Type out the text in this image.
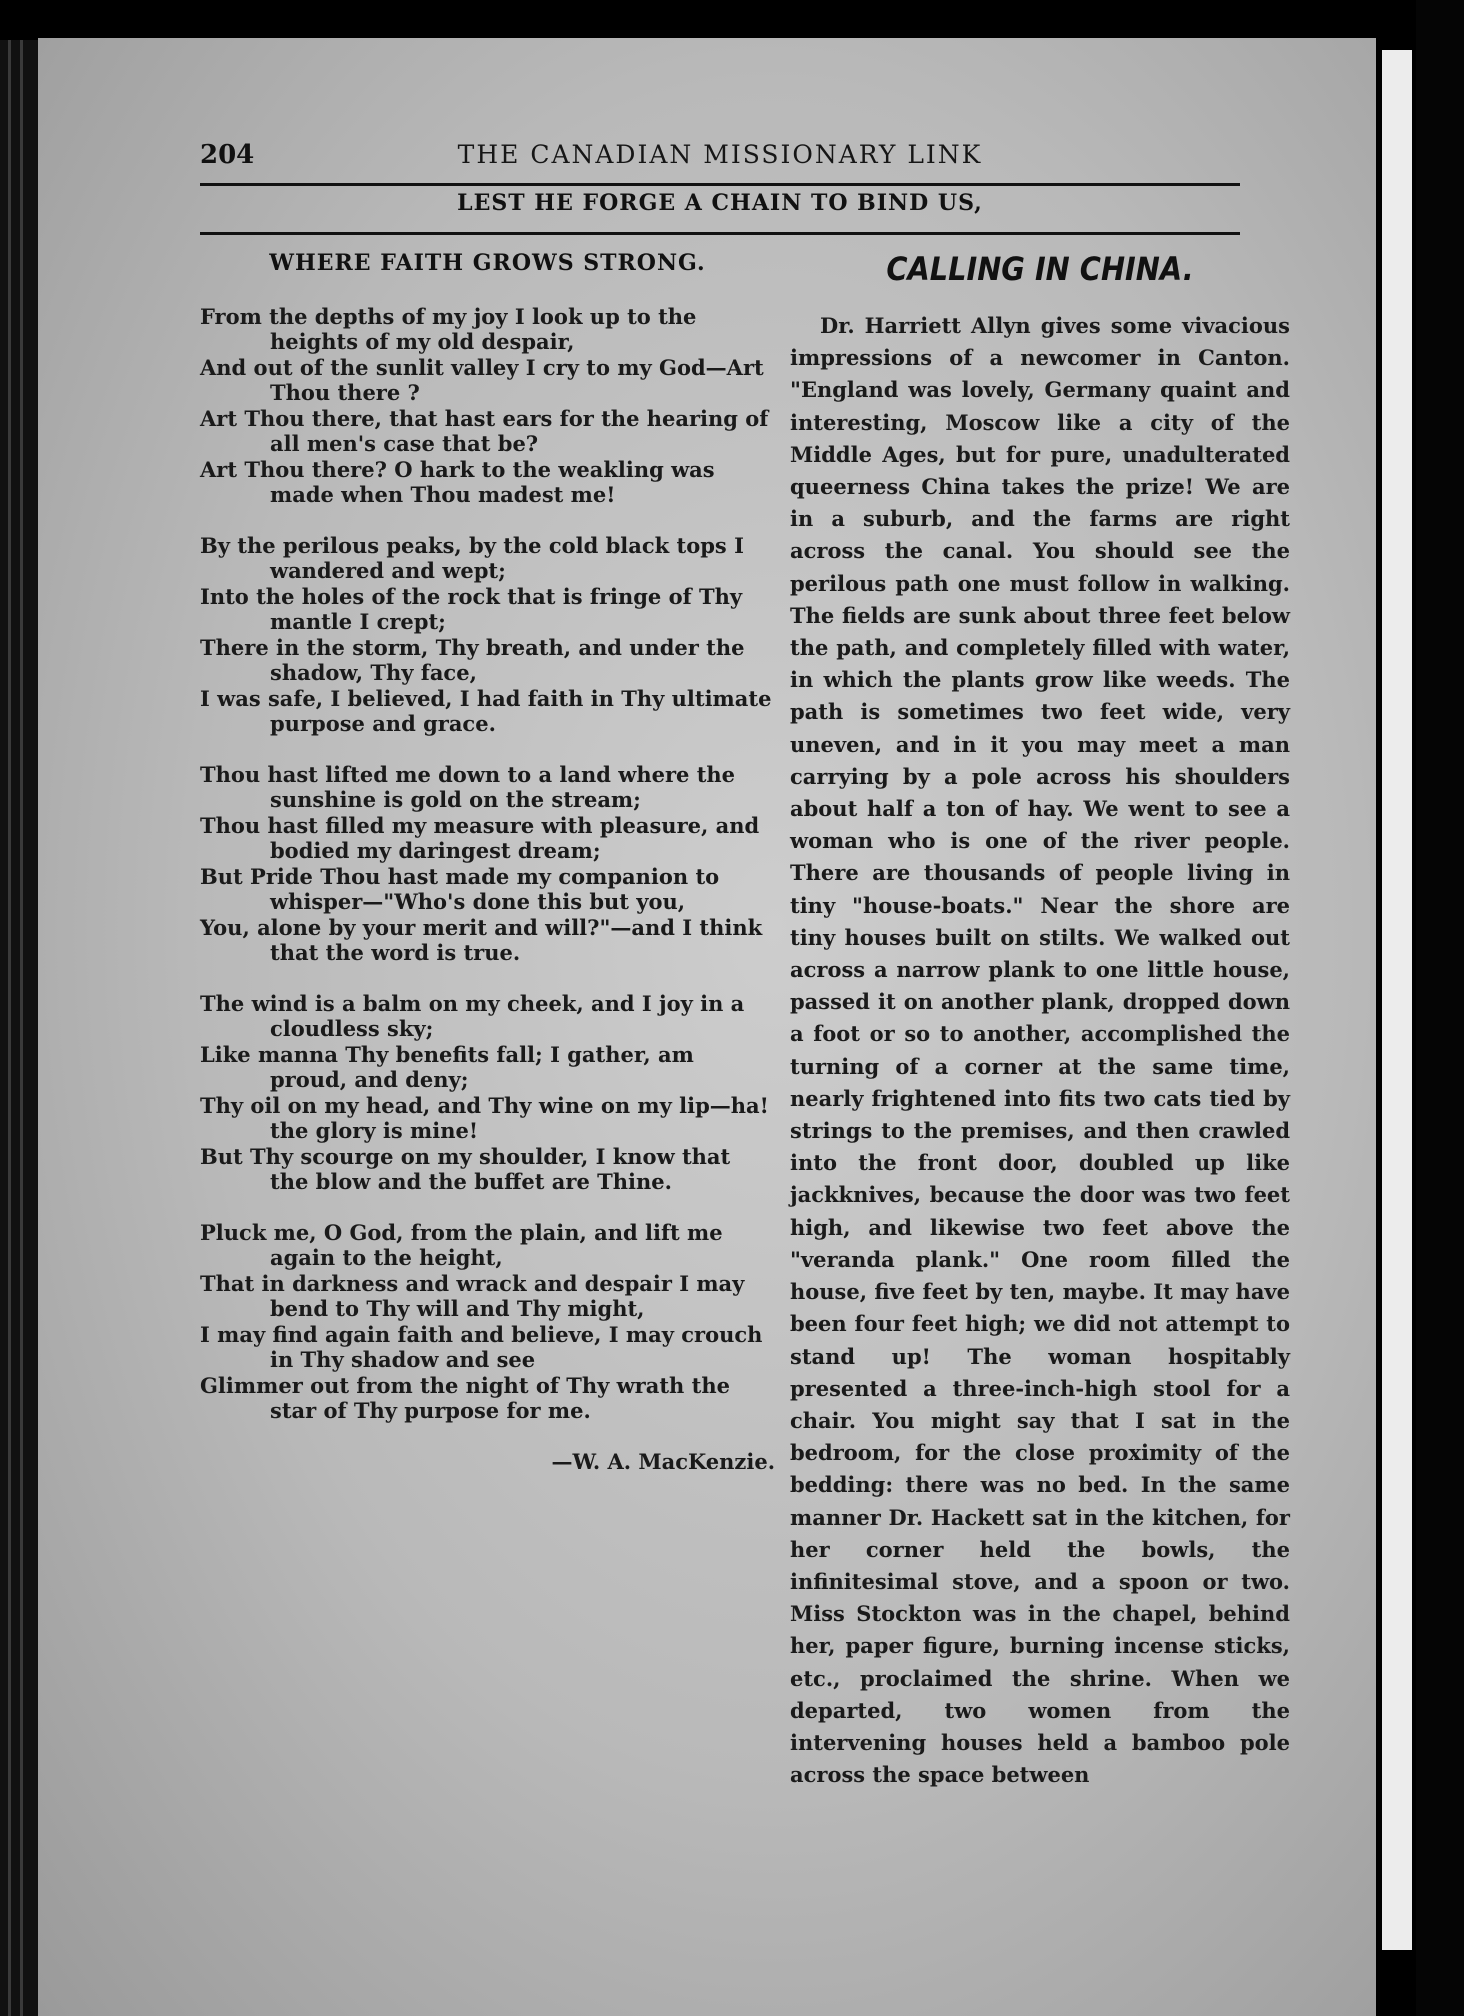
204	THE CANADIAN MISSIONARY LINK
LEST HE FORGE A CHAIN TO BIND US,
WHERE FAITH GROWS STRONG.
From the depths of my joy I look up to the heights of my old despair,
And out of the sunlit valley I cry to my God—Art Thou there ?
Art Thou there, that hast ears for the hearing of all men's case that be?
Art Thou there? O hark to the weakling was made when Thou madest me!
By the perilous peaks, by the cold black tops I wandered and wept;
Into the holes of the rock that is fringe of Thy mantle I crept;
There in the storm, Thy breath, and under the shadow, Thy face,
I was safe, I believed, I had faith in Thy ultimate purpose and grace.
Thou hast lifted me down to a land where the sunshine is gold on the stream;
Thou hast filled my measure with pleasure, and bodied my daringest dream;
But Pride Thou hast made my companion to whisper—"Who's done this but you,
You, alone by your merit and will?"—and I think that the word is true.
The wind is a balm on my cheek, and I joy in a cloudless sky;
Like manna Thy benefits fall; I gather, am proud, and deny;
Thy oil on my head, and Thy wine on my lip—ha! the glory is mine!
But Thy scourge on my shoulder, I know that the blow and the buffet are Thine.
Pluck me, O God, from the plain, and lift me again to the height,
That in darkness and wrack and despair I may bend to Thy will and Thy might,
I may find again faith and believe, I may crouch in Thy shadow and see
Glimmer out from the night of Thy wrath the star of Thy purpose for me.
—W. A. MacKenzie.
CALLING IN CHINA.

Dr. Harriett Allyn gives some vivacious impressions of a newcomer in Canton. "England was lovely, Germany quaint and interesting, Moscow like a city of the Middle Ages, but for pure, unadulterated queerness China takes the prize! We are in a suburb, and the farms are right across the canal. You should see the perilous path one must follow in walking. The fields are sunk about three feet below the path, and completely filled with water, in which the plants grow like weeds. The path is sometimes two feet wide, very uneven, and in it you may meet a man carrying by a pole across his shoulders about half a ton of hay. We went to see a woman who is one of the river people. There are thousands of people living in tiny "house-boats." Near the shore are tiny houses built on stilts. We walked out across a narrow plank to one little house, passed it on another plank, dropped down a foot or so to another, accomplished the turning of a corner at the same time, nearly frightened into fits two cats tied by strings to the premises, and then crawled into the front door, doubled up like jackknives, because the door was two feet high, and likewise two feet above the "veranda plank." One room filled the house, five feet by ten, maybe. It may have been four feet high; we did not attempt to stand up! The woman hospitably presented a three-inch-high stool for a chair. You might say that I sat in the bedroom, for the close proximity of the bedding: there was no bed. In the same manner Dr. Hackett sat in the kitchen, for her corner held the bowls, the infinitesimal stove, and a spoon or two. Miss Stockton was in the chapel, behind her, paper figure, burning incense sticks, etc., proclaimed the shrine. When we departed, two women from the intervening houses held a bamboo pole across the space between
